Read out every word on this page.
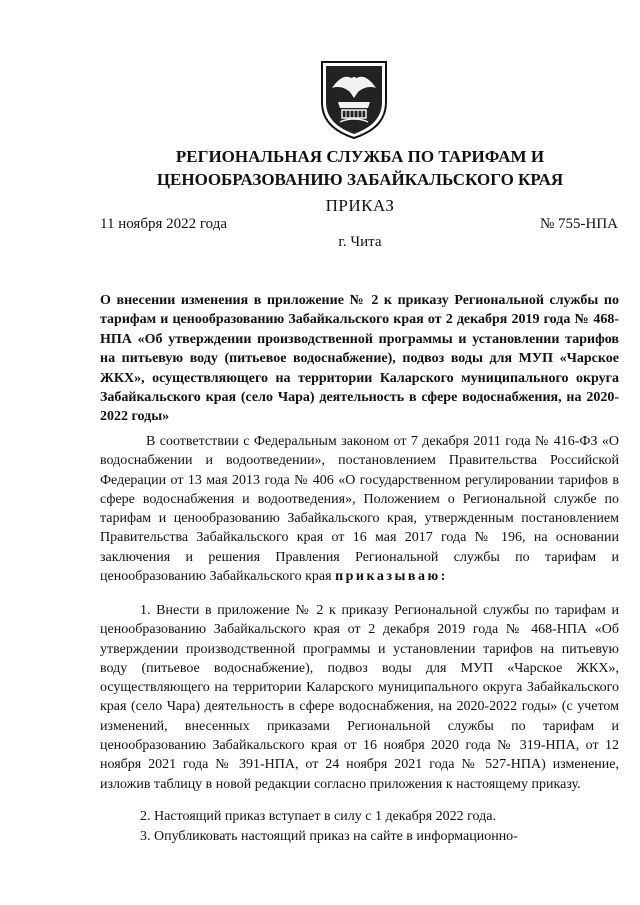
РЕГИОНАЛЬНАЯ СЛУЖБА ПО ТАРИФАМ И
ЦЕНООБРАЗОВАНИЮ ЗАБАЙКАЛЬСКОГО КРАЯ
ПРИКАЗ
11 ноября 2022 года	№ 755-НПА
г. Чита
О внесении изменения в приложение № 2 к приказу Региональной службы по тарифам и ценообразованию Забайкальского края от 2 декабря 2019 года № 468-НПА «Об утверждении производственной программы и установлении тарифов на питьевую воду (питьевое водоснабжение), подвоз воды для МУП «Чарское ЖКХ», осуществляющего на территории Каларского муниципального округа Забайкальского края (село Чара) деятельность в сфере водоснабжения, на 2020-2022 годы»

В соответствии с Федеральным законом от 7 декабря 2011 года № 416-ФЗ «О водоснабжении и водоотведении», постановлением Правительства Российской Федерации от 13 мая 2013 года № 406 «О государственном регулировании тарифов в сфере водоснабжения и водоотведения», Положением о Региональной службе по тарифам и ценообразованию Забайкальского края, утвержденным постановлением Правительства Забайкальского края от 16 мая 2017 года № 196, на основании заключения и решения Правления Региональной службы по тарифам и ценообразованию Забайкальского края приказываю:

1. Внести в приложение № 2 к приказу Региональной службы по тарифам и ценообразованию Забайкальского края от 2 декабря 2019 года № 468-НПА «Об утверждении производственной программы и установлении тарифов на питьевую воду (питьевое водоснабжение), подвоз воды для МУП «Чарское ЖКХ», осуществляющего на территории Каларского муниципального округа Забайкальского края (село Чара) деятельность в сфере водоснабжения, на 2020-2022 годы» (с учетом изменений, внесенных приказами Региональной службы по тарифам и ценообразованию Забайкальского края от 16 ноября 2020 года № 319-НПА, от 12 ноября 2021 года № 391-НПА, от 24 ноября 2021 года № 527-НПА) изменение, изложив таблицу в новой редакции согласно приложения к настоящему приказу.

2. Настоящий приказ вступает в силу с 1 декабря 2022 года.

3. Опубликовать настоящий приказ на сайте в информационно-
